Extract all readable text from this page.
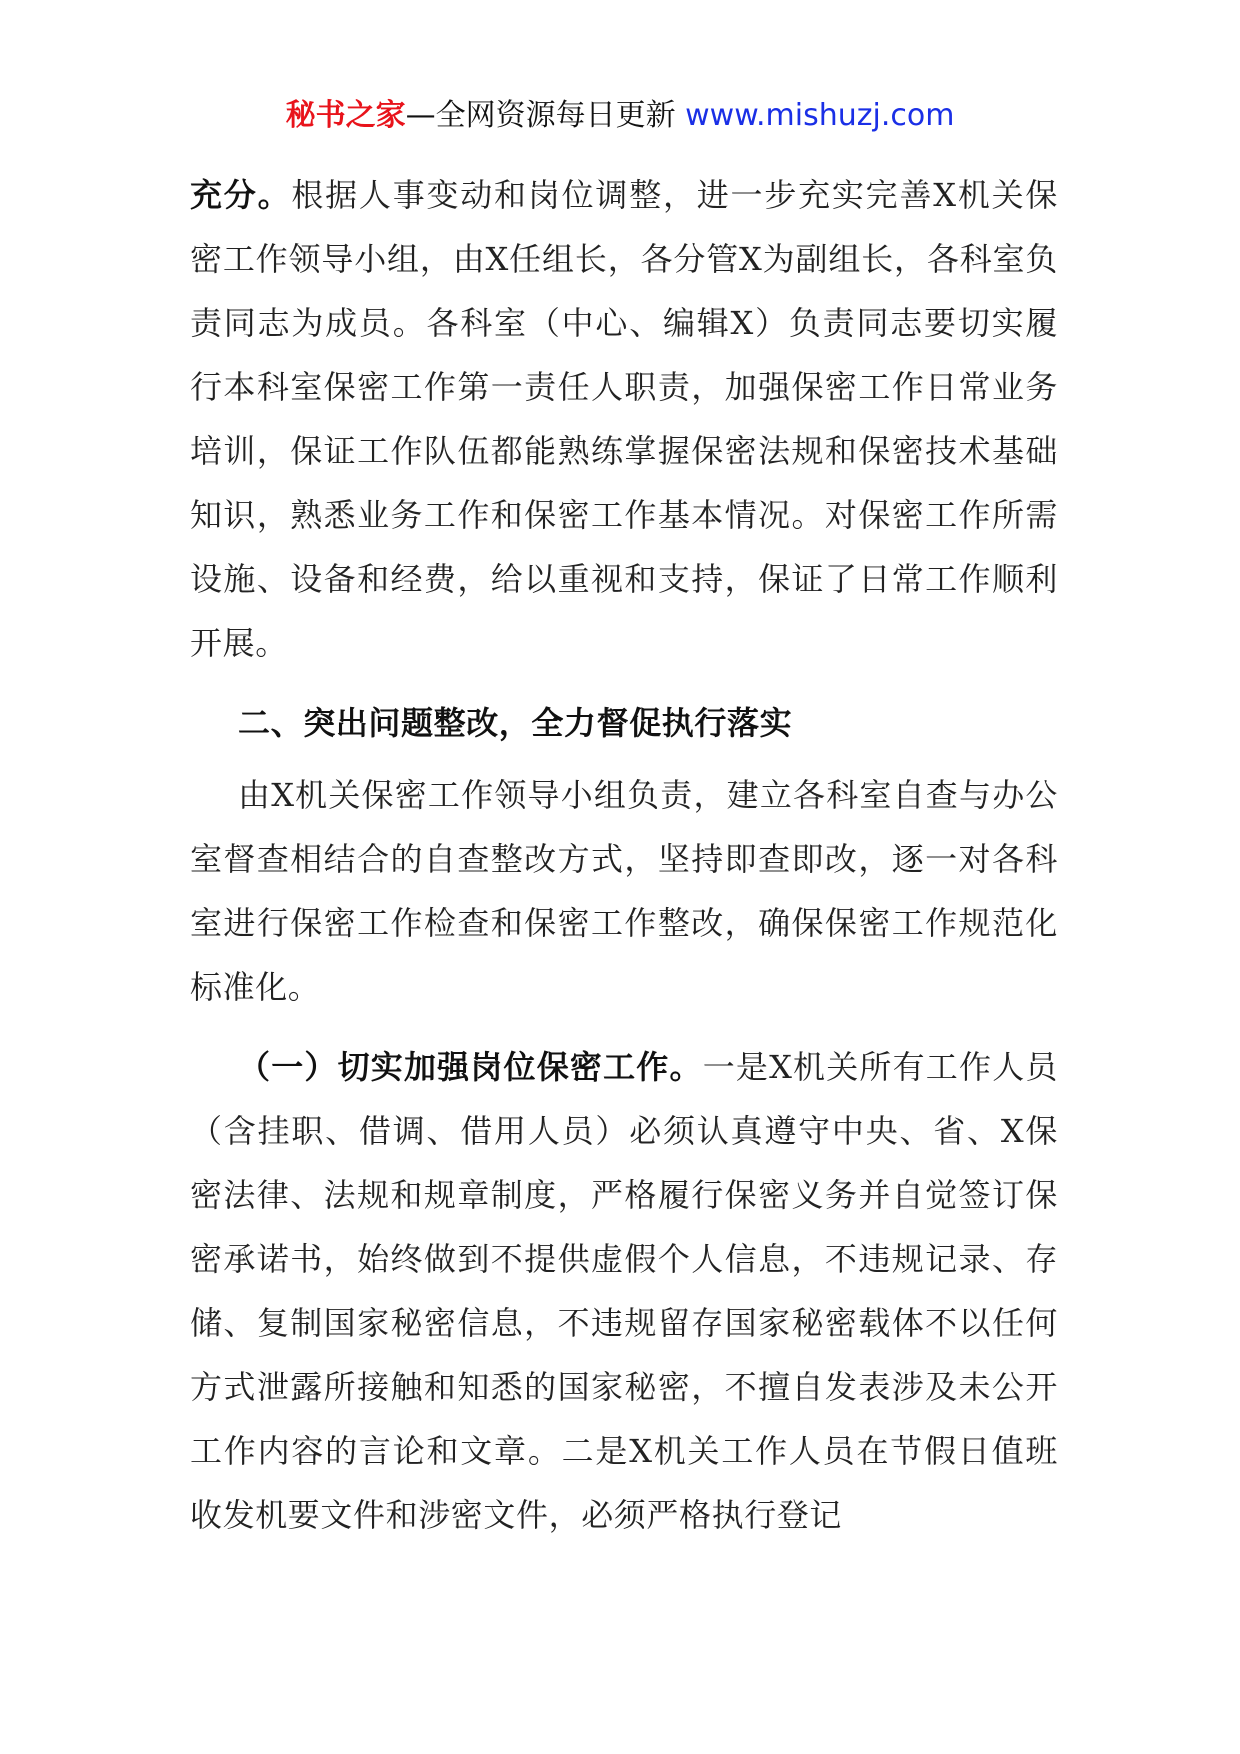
秘书之家—全网资源每日更新 www.mishuzj.com

充分。根据人事变动和岗位调整，进一步充实完善X机关保密工作领导小组，由X任组长，各分管X为副组长，各科室负责同志为成员。各科室（中心、编辑X）负责同志要切实履行本科室保密工作第一责任人职责，加强保密工作日常业务培训，保证工作队伍都能熟练掌握保密法规和保密技术基础知识，熟悉业务工作和保密工作基本情况。对保密工作所需设施、设备和经费，给以重视和支持，保证了日常工作顺利开展。

二、突出问题整改，全力督促执行落实

由X机关保密工作领导小组负责，建立各科室自查与办公室督查相结合的自查整改方式，坚持即查即改，逐一对各科室进行保密工作检查和保密工作整改，确保保密工作规范化标准化。

（一）切实加强岗位保密工作。一是X机关所有工作人员（含挂职、借调、借用人员）必须认真遵守中央、省、X保密法律、法规和规章制度，严格履行保密义务并自觉签订保密承诺书，始终做到不提供虚假个人信息，不违规记录、存储、复制国家秘密信息，不违规留存国家秘密载体不以任何方式泄露所接触和知悉的国家秘密，不擅自发表涉及未公开工作内容的言论和文章。二是X机关工作人员在节假日值班收发机要文件和涉密文件，必须严格执行登记
